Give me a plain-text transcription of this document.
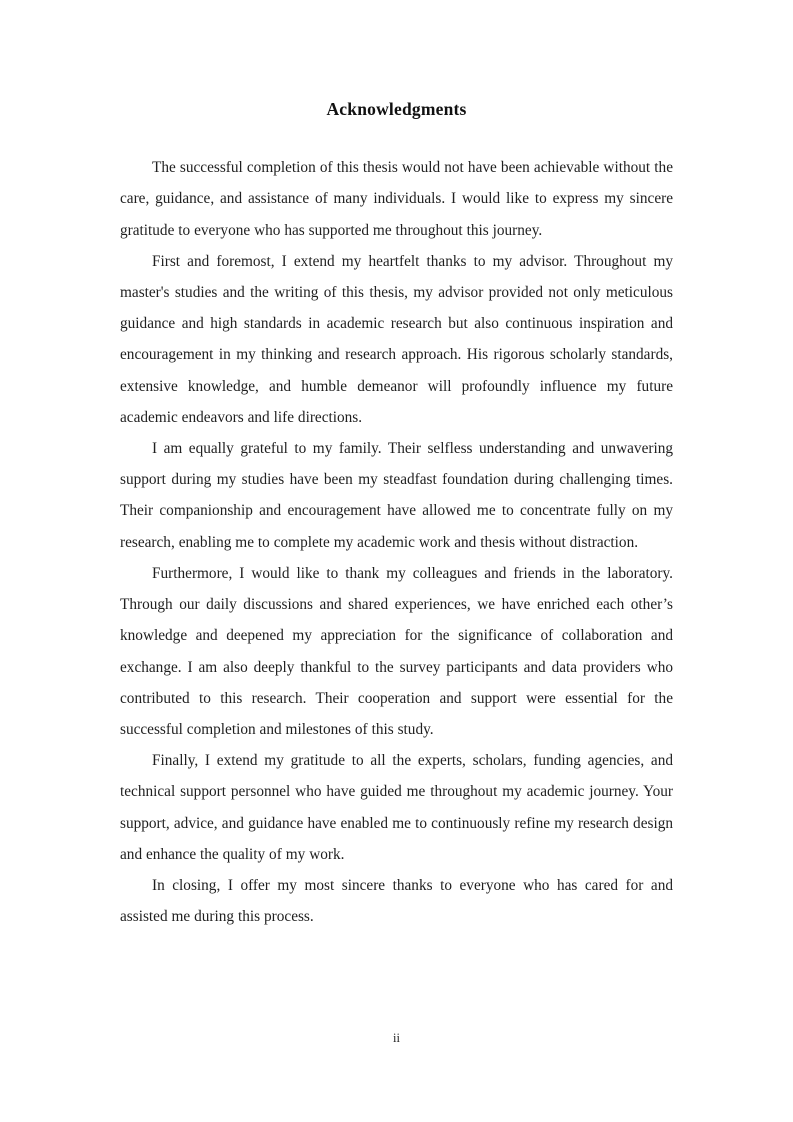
Acknowledgments

The successful completion of this thesis would not have been achievable without the care, guidance, and assistance of many individuals. I would like to express my sincere gratitude to everyone who has supported me throughout this journey.

First and foremost, I extend my heartfelt thanks to my advisor. Throughout my master's studies and the writing of this thesis, my advisor provided not only meticulous guidance and high standards in academic research but also continuous inspiration and encouragement in my thinking and research approach. His rigorous scholarly standards, extensive knowledge, and humble demeanor will profoundly influence my future academic endeavors and life directions.

I am equally grateful to my family. Their selfless understanding and unwavering support during my studies have been my steadfast foundation during challenging times. Their companionship and encouragement have allowed me to concentrate fully on my research, enabling me to complete my academic work and thesis without distraction.

Furthermore, I would like to thank my colleagues and friends in the laboratory. Through our daily discussions and shared experiences, we have enriched each other’s knowledge and deepened my appreciation for the significance of collaboration and exchange. I am also deeply thankful to the survey participants and data providers who contributed to this research. Their cooperation and support were essential for the successful completion and milestones of this study.

Finally, I extend my gratitude to all the experts, scholars, funding agencies, and technical support personnel who have guided me throughout my academic journey. Your support, advice, and guidance have enabled me to continuously refine my research design and enhance the quality of my work.

In closing, I offer my most sincere thanks to everyone who has cared for and assisted me during this process.

ii
